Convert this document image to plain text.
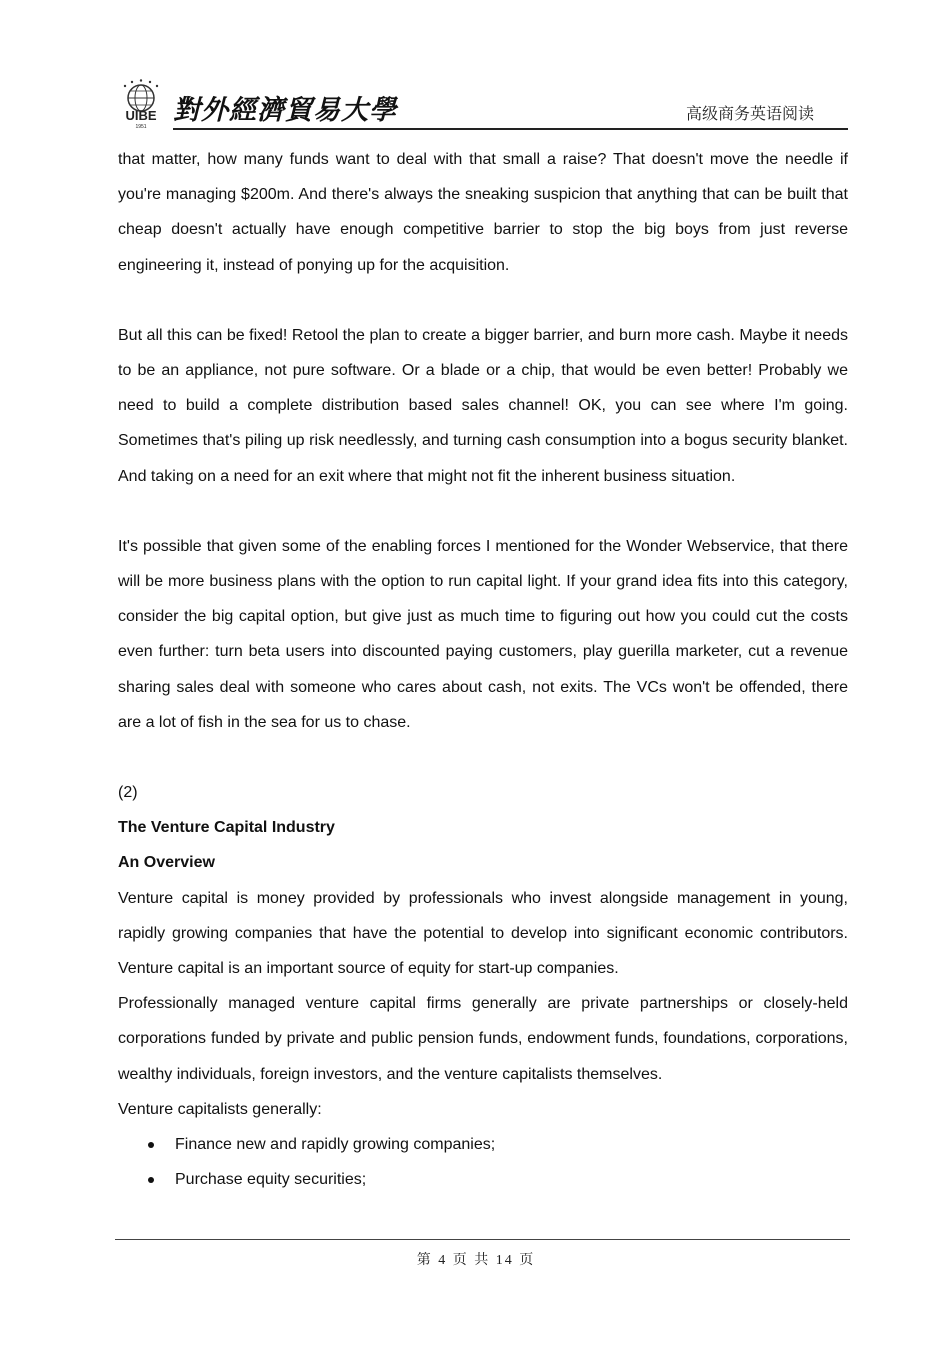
UIBE
1951
對外經濟貿易大學	高级商务英语阅读

that matter, how many funds want to deal with that small a raise? That doesn't move the needle if you're managing $200m. And there's always the sneaking suspicion that anything that can be built that cheap doesn't actually have enough competitive barrier to stop the big boys from just reverse engineering it, instead of ponying up for the acquisition.

But all this can be fixed! Retool the plan to create a bigger barrier, and burn more cash. Maybe it needs to be an appliance, not pure software. Or a blade or a chip, that would be even better! Probably we need to build a complete distribution based sales channel! OK, you can see where I'm going. Sometimes that's piling up risk needlessly, and turning cash consumption into a bogus security blanket. And taking on a need for an exit where that might not fit the inherent business situation.

It's possible that given some of the enabling forces I mentioned for the Wonder Webservice, that there will be more business plans with the option to run capital light. If your grand idea fits into this category, consider the big capital option, but give just as much time to figuring out how you could cut the costs even further: turn beta users into discounted paying customers, play guerilla marketer, cut a revenue sharing sales deal with someone who cares about cash, not exits. The VCs won't be offended, there are a lot of fish in the sea for us to chase.

(2)

The Venture Capital Industry

An Overview

Venture capital is money provided by professionals who invest alongside management in young, rapidly growing companies that have the potential to develop into significant economic contributors. Venture capital is an important source of equity for start-up companies.

Professionally managed venture capital firms generally are private partnerships or closely-held corporations funded by private and public pension funds, endowment funds, foundations, corporations, wealthy individuals, foreign investors, and the venture capitalists themselves.

Venture capitalists generally:

Finance new and rapidly growing companies;
Purchase equity securities;
第 4 页 共 14 页
